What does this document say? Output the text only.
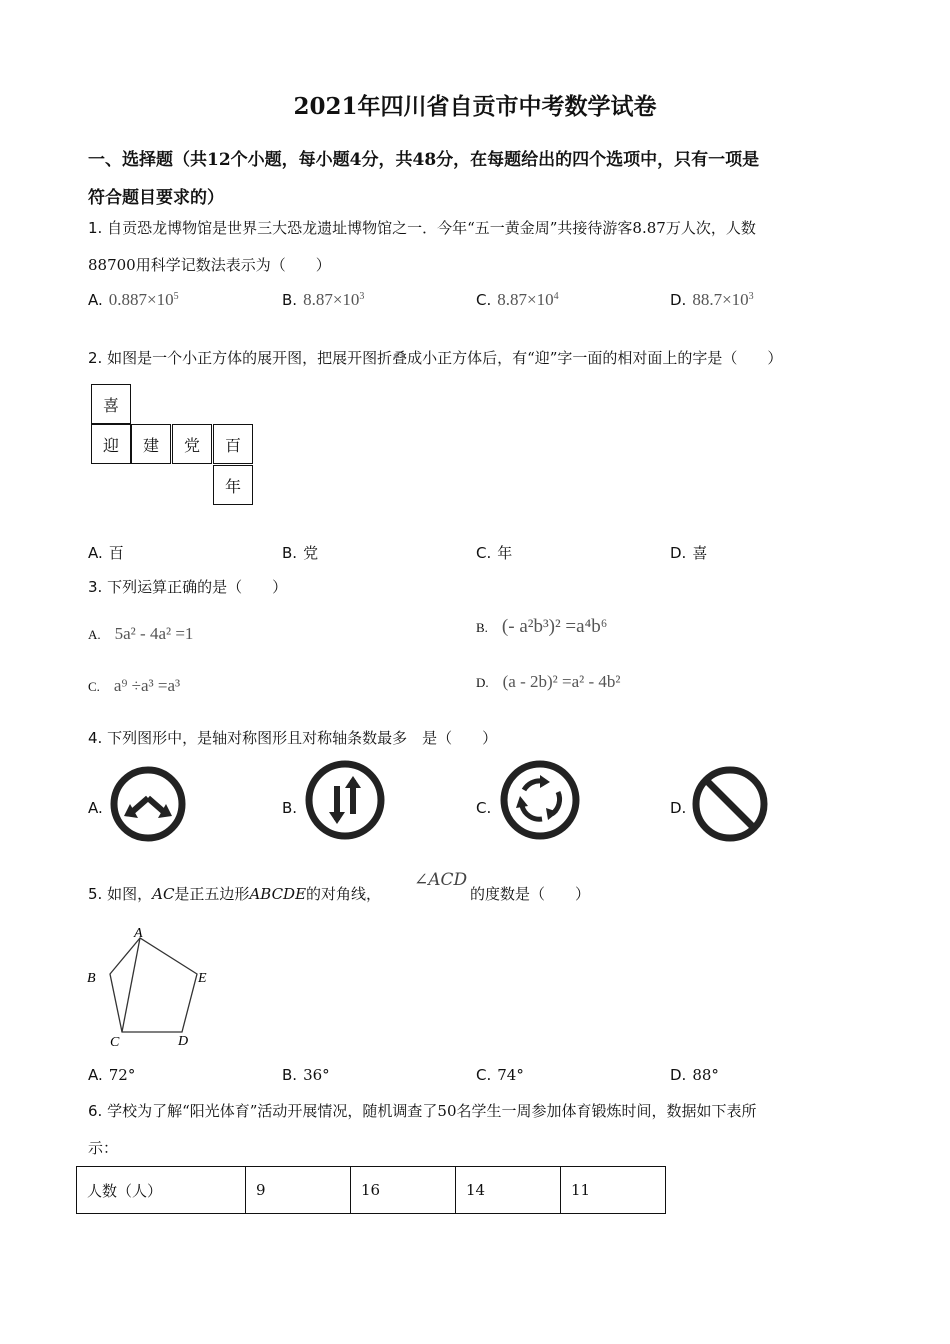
2021年四川省自贡市中考数学试卷
一、选择题（共12个小题，每小题4分，共48分，在每题给出的四个选项中，只有一项是
符合题目要求的）
1. 自贡恐龙博物馆是世界三大恐龙遗址博物馆之一．今年“五一黄金周”共接待游客8.87万人次，人数
88700用科学记数法表示为（　　）
A. $0.887\times 10^5$	B. $8.87\times 10^3$	C. $8.87\times 10^4$	D. $88.7\times 10^3$
2. 如图是一个小正方体的展开图，把展开图折叠成小正方体后，有“迎”字一面的相对面上的字是（　　）
喜
迎	建	党	百
年
A. 百	B. 党	C. 年	D. 喜
3. 下列运算正确的是（　　）
A. 5a² - 4a² =1	B. (- a²b³)² =a⁴b⁶
C. a⁹ ÷a³ =a³	D. (a - 2b)² =a² - 4b²
4. 下列图形中，是轴对称图形且对称轴条数最多　是（　　）
A.	B.	C.	D.
5. 如图，AC是正五边形ABCDE的对角线，
∠ACD
的度数是（　　）
A
B
C	D
E
A. 72°	B. 36°	C. 74°	D. 88°
6. 学校为了解“阳光体育”活动开展情况，随机调查了50名学生一周参加体育锻炼时间，数据如下表所
示：
人数（人）	9	16	14	11
